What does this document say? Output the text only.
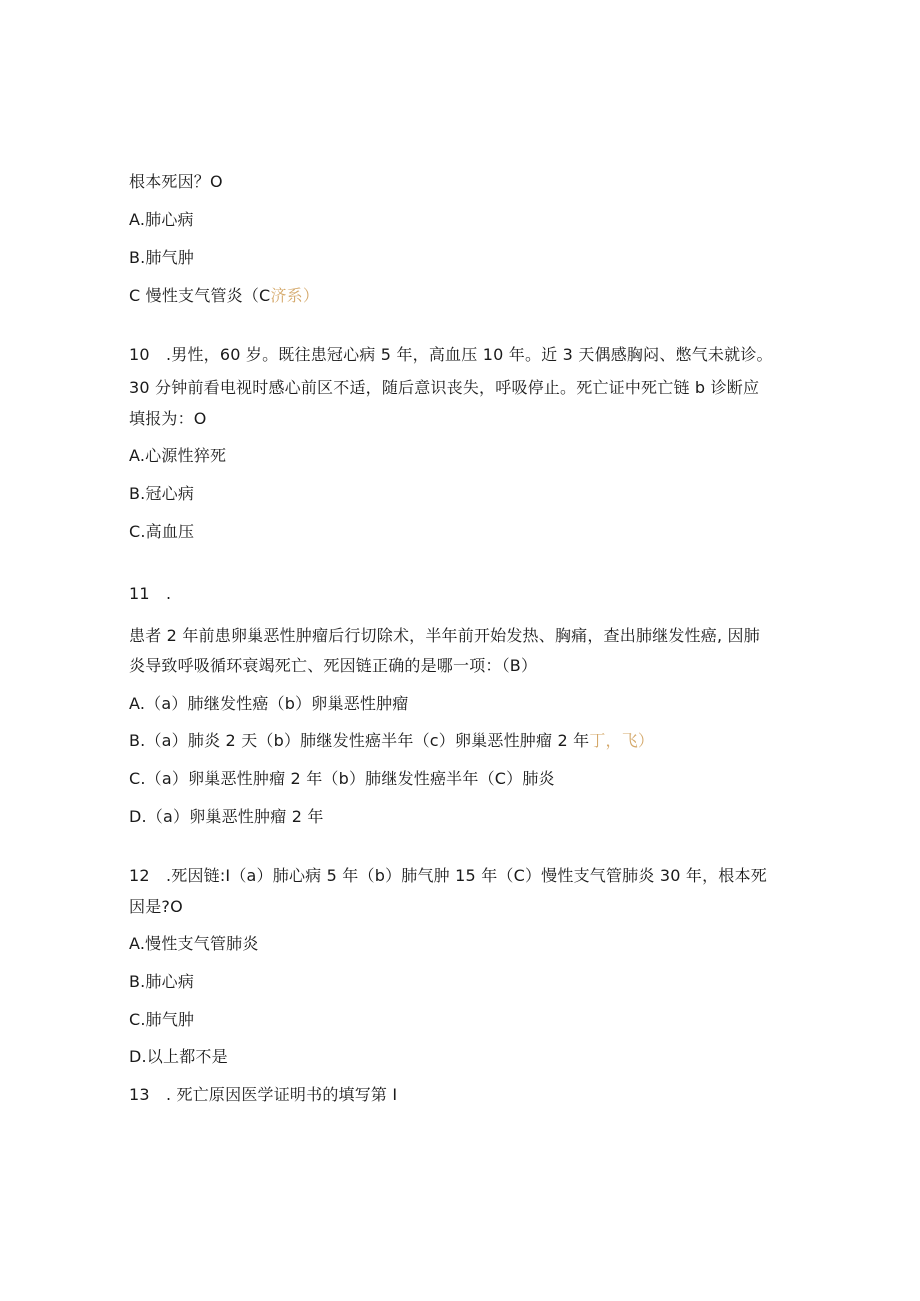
根本死因？O
A.肺心病
B.肺气肿
C 慢性支气管炎（C济系）
10　.男性，60 岁。既往患冠心病 5 年，高血压 10 年。近 3 天偶感胸闷、憋气未就诊。
30 分钟前看电视时感心前区不适，随后意识丧失，呼吸停止。死亡证中死亡链 b 诊断应
填报为：O
A.心源性猝死
B.冠心病
C.高血压
11　.
患者 2 年前患卵巢恶性肿瘤后行切除术，半年前开始发热、胸痛，查出肺继发性癌, 因肺
炎导致呼吸循环衰竭死亡、死因链正确的是哪一项：（B）
A.（a）肺继发性癌（b）卵巢恶性肿瘤
B.（a）肺炎 2 天（b）肺继发性癌半年（c）卵巢恶性肿瘤 2 年丁，飞）
C.（a）卵巢恶性肿瘤 2 年（b）肺继发性癌半年（C）肺炎
D.（a）卵巢恶性肿瘤 2 年
12　.死因链:I（a）肺心病 5 年（b）肺气肿 15 年（C）慢性支气管肺炎 30 年，根本死
因是?O
A.慢性支气管肺炎
B.肺心病
C.肺气肿
D.以上都不是
13　. 死亡原因医学证明书的填写第 I
